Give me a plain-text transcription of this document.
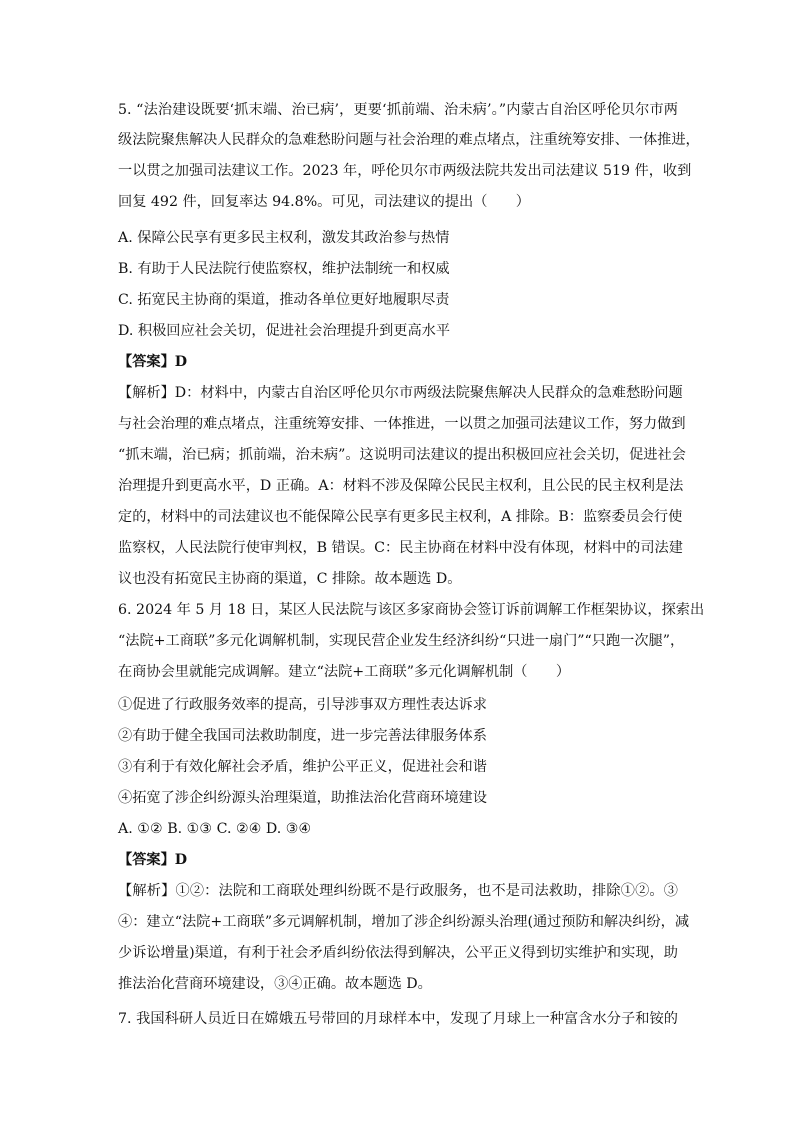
5. “法治建设既要‘抓末端、治已病’，更要‘抓前端、治未病’。”内蒙古自治区呼伦贝尔市两
级法院聚焦解决人民群众的急难愁盼问题与社会治理的难点堵点，注重统筹安排、一体推进，
一以贯之加强司法建议工作。2023 年，呼伦贝尔市两级法院共发出司法建议 519 件，收到
回复 492 件，回复率达 94.8%。可见，司法建议的提出（　　）
A. 保障公民享有更多民主权利，激发其政治参与热情
B. 有助于人民法院行使监察权，维护法制统一和权威
C. 拓宽民主协商的渠道，推动各单位更好地履职尽责
D. 积极回应社会关切，促进社会治理提升到更高水平
【答案】D
【解析】D：材料中，内蒙古自治区呼伦贝尔市两级法院聚焦解决人民群众的急难愁盼问题
与社会治理的难点堵点，注重统筹安排、一体推进，一以贯之加强司法建议工作，努力做到
“抓末端，治已病；抓前端，治未病”。这说明司法建议的提出积极回应社会关切，促进社会
治理提升到更高水平，D 正确。A：材料不涉及保障公民民主权利，且公民的民主权利是法
定的，材料中的司法建议也不能保障公民享有更多民主权利，A 排除。B：监察委员会行使
监察权，人民法院行使审判权，B 错误。C：民主协商在材料中没有体现，材料中的司法建
议也没有拓宽民主协商的渠道，C 排除。故本题选 D。
6. 2024 年 5 月 18 日，某区人民法院与该区多家商协会签订诉前调解工作框架协议，探索出
“法院+工商联”多元化调解机制，实现民营企业发生经济纠纷“只进一扇门”“只跑一次腿”，
在商协会里就能完成调解。建立“法院+工商联”多元化调解机制（　　）
①促进了行政服务效率的提高，引导涉事双方理性表达诉求
②有助于健全我国司法救助制度，进一步完善法律服务体系
③有利于有效化解社会矛盾，维护公平正义，促进社会和谐
④拓宽了涉企纠纷源头治理渠道，助推法治化营商环境建设
A. ①② B. ①③ C. ②④ D. ③④
【答案】D
【解析】①②：法院和工商联处理纠纷既不是行政服务，也不是司法救助，排除①②。③
④：建立“法院+工商联”多元调解机制，增加了涉企纠纷源头治理(通过预防和解决纠纷，减
少诉讼增量)渠道，有利于社会矛盾纠纷依法得到解决，公平正义得到切实维护和实现，助
推法治化营商环境建设，③④正确。故本题选 D。
7. 我国科研人员近日在嫦娥五号带回的月球样本中，发现了月球上一种富含水分子和铵的
